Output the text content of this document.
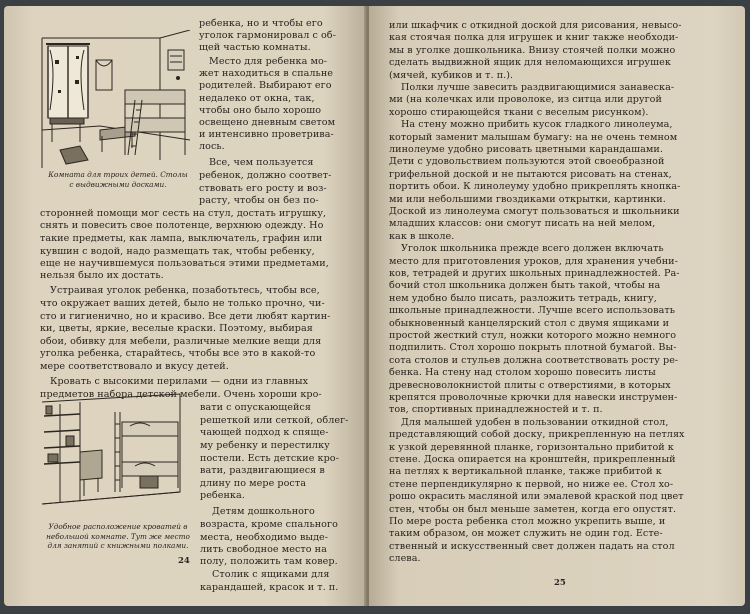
Комната для троих детей. Столы
с выдвижными досками.
Удобное расположение кроватей в
небольшой комнате. Тут же место
для занятий с книжными полками.
ребенка, но и чтобы его
уголок гармонировал с об-
щей частью комнаты.
Место для ребенка мо-
жет находиться в спальне
родителей. Выбирают его
недалеко от окна, так,
чтобы оно было хорошо
освещено дневным светом
и интенсивно проветрива-
лось.
Все, чем пользуется
ребенок, должно соответ-
ствовать его росту и воз-
расту, чтобы он без по-
сторонней помощи мог сесть на стул, достать игрушку,
снять и повесить свое полотенце, верхнюю одежду. Но
такие предметы, как лампа, выключатель, графин или
кувшин с водой, надо размещать так, чтобы ребенку,
еще не научившемуся пользоваться этими предметами,
нельзя было их достать.
Устраивая уголок ребенка, позаботьтесь, чтобы все,
что окружает ваших детей, было не только прочно, чи-
сто и гигиенично, но и красиво. Все дети любят картин-
ки, цветы, яркие, веселые краски. Поэтому, выбирая
обои, обивку для мебели, различные мелкие вещи для
уголка ребенка, старайтесь, чтобы все это в какой-то
мере соответствовало и вкусу детей.
Кровать с высокими перилами — одни из главных
предметов набора детской мебели. Очень хороши кро-
вати с опускающейся
решеткой или сеткой, облег-
чающей подход к спяще-
му ребенку и перестилку
постели. Есть детские кро-
вати, раздвигающиеся в
длину по мере роста
ребенка.
Детям дошкольного
возраста, кроме спального
места, необходимо выде-
лить свободное место на
полу, положить там ковер.
Столик с ящиками для
карандашей, красок и т. п.
24
или шкафчик с откидной доской для рисования, невысо-
кая стоячая полка для игрушек и книг также необходи-
мы в уголке дошкольника. Внизу стоячей полки можно
сделать выдвижной ящик для неломающихся игрушек
(мячей, кубиков и т. п.).
Полки лучше завесить раздвигающимися занавеска-
ми (на колечках или проволоке, из ситца или другой
хорошо стирающейся ткани с веселым рисунком).
На стену можно прибить кусок гладкого линолеума,
который заменит малышам бумагу: на не очень темном
линолеуме удобно рисовать цветными карандашами.
Дети с удовольствием пользуются этой своеобразной
грифельной доской и не пытаются рисовать на стенах,
портить обои. К линолеуму удобно прикреплять кнопка-
ми или небольшими гвоздиками открытки, картинки.
Доской из линолеума смогут пользоваться и школьники
младших классов: они смогут писать на ней мелом,
как в школе.
Уголок школьника прежде всего должен включать
место для приготовления уроков, для хранения учебни-
ков, тетрадей и других школьных принадлежностей. Ра-
бочий стол школьника должен быть такой, чтобы на
нем удобно было писать, разложить тетрадь, книгу,
школьные принадлежности. Лучше всего использовать
обыкновенный канцелярский стол с двумя ящиками и
простой жесткий стул, ножки которого можно немного
подпилить. Стол хорошо покрыть плотной бумагой. Вы-
сота столов и стульев должна соответствовать росту ре-
бенка. На стену над столом хорошо повесить листы
древесноволокнистой плиты с отверстиями, в которых
крепятся проволочные крючки для навески инструмен-
тов, спортивных принадлежностей и т. п.
Для малышей удобен в пользовании откидной стол,
представляющий собой доску, прикрепленную на петлях
к узкой деревянной планке, горизонтально прибитой к
стене. Доска опирается на кронштейн, прикрепленный
на петлях к вертикальной планке, также прибитой к
стене перпендикулярно к первой, но ниже ее. Стол хо-
рошо окрасить масляной или эмалевой краской под цвет
стен, чтобы он был меньше заметен, когда его опустят.
По мере роста ребенка стол можно укрепить выше, и
таким образом, он может служить не один год. Есте-
ственный и искусственный свет должен падать на стол
слева.
25
